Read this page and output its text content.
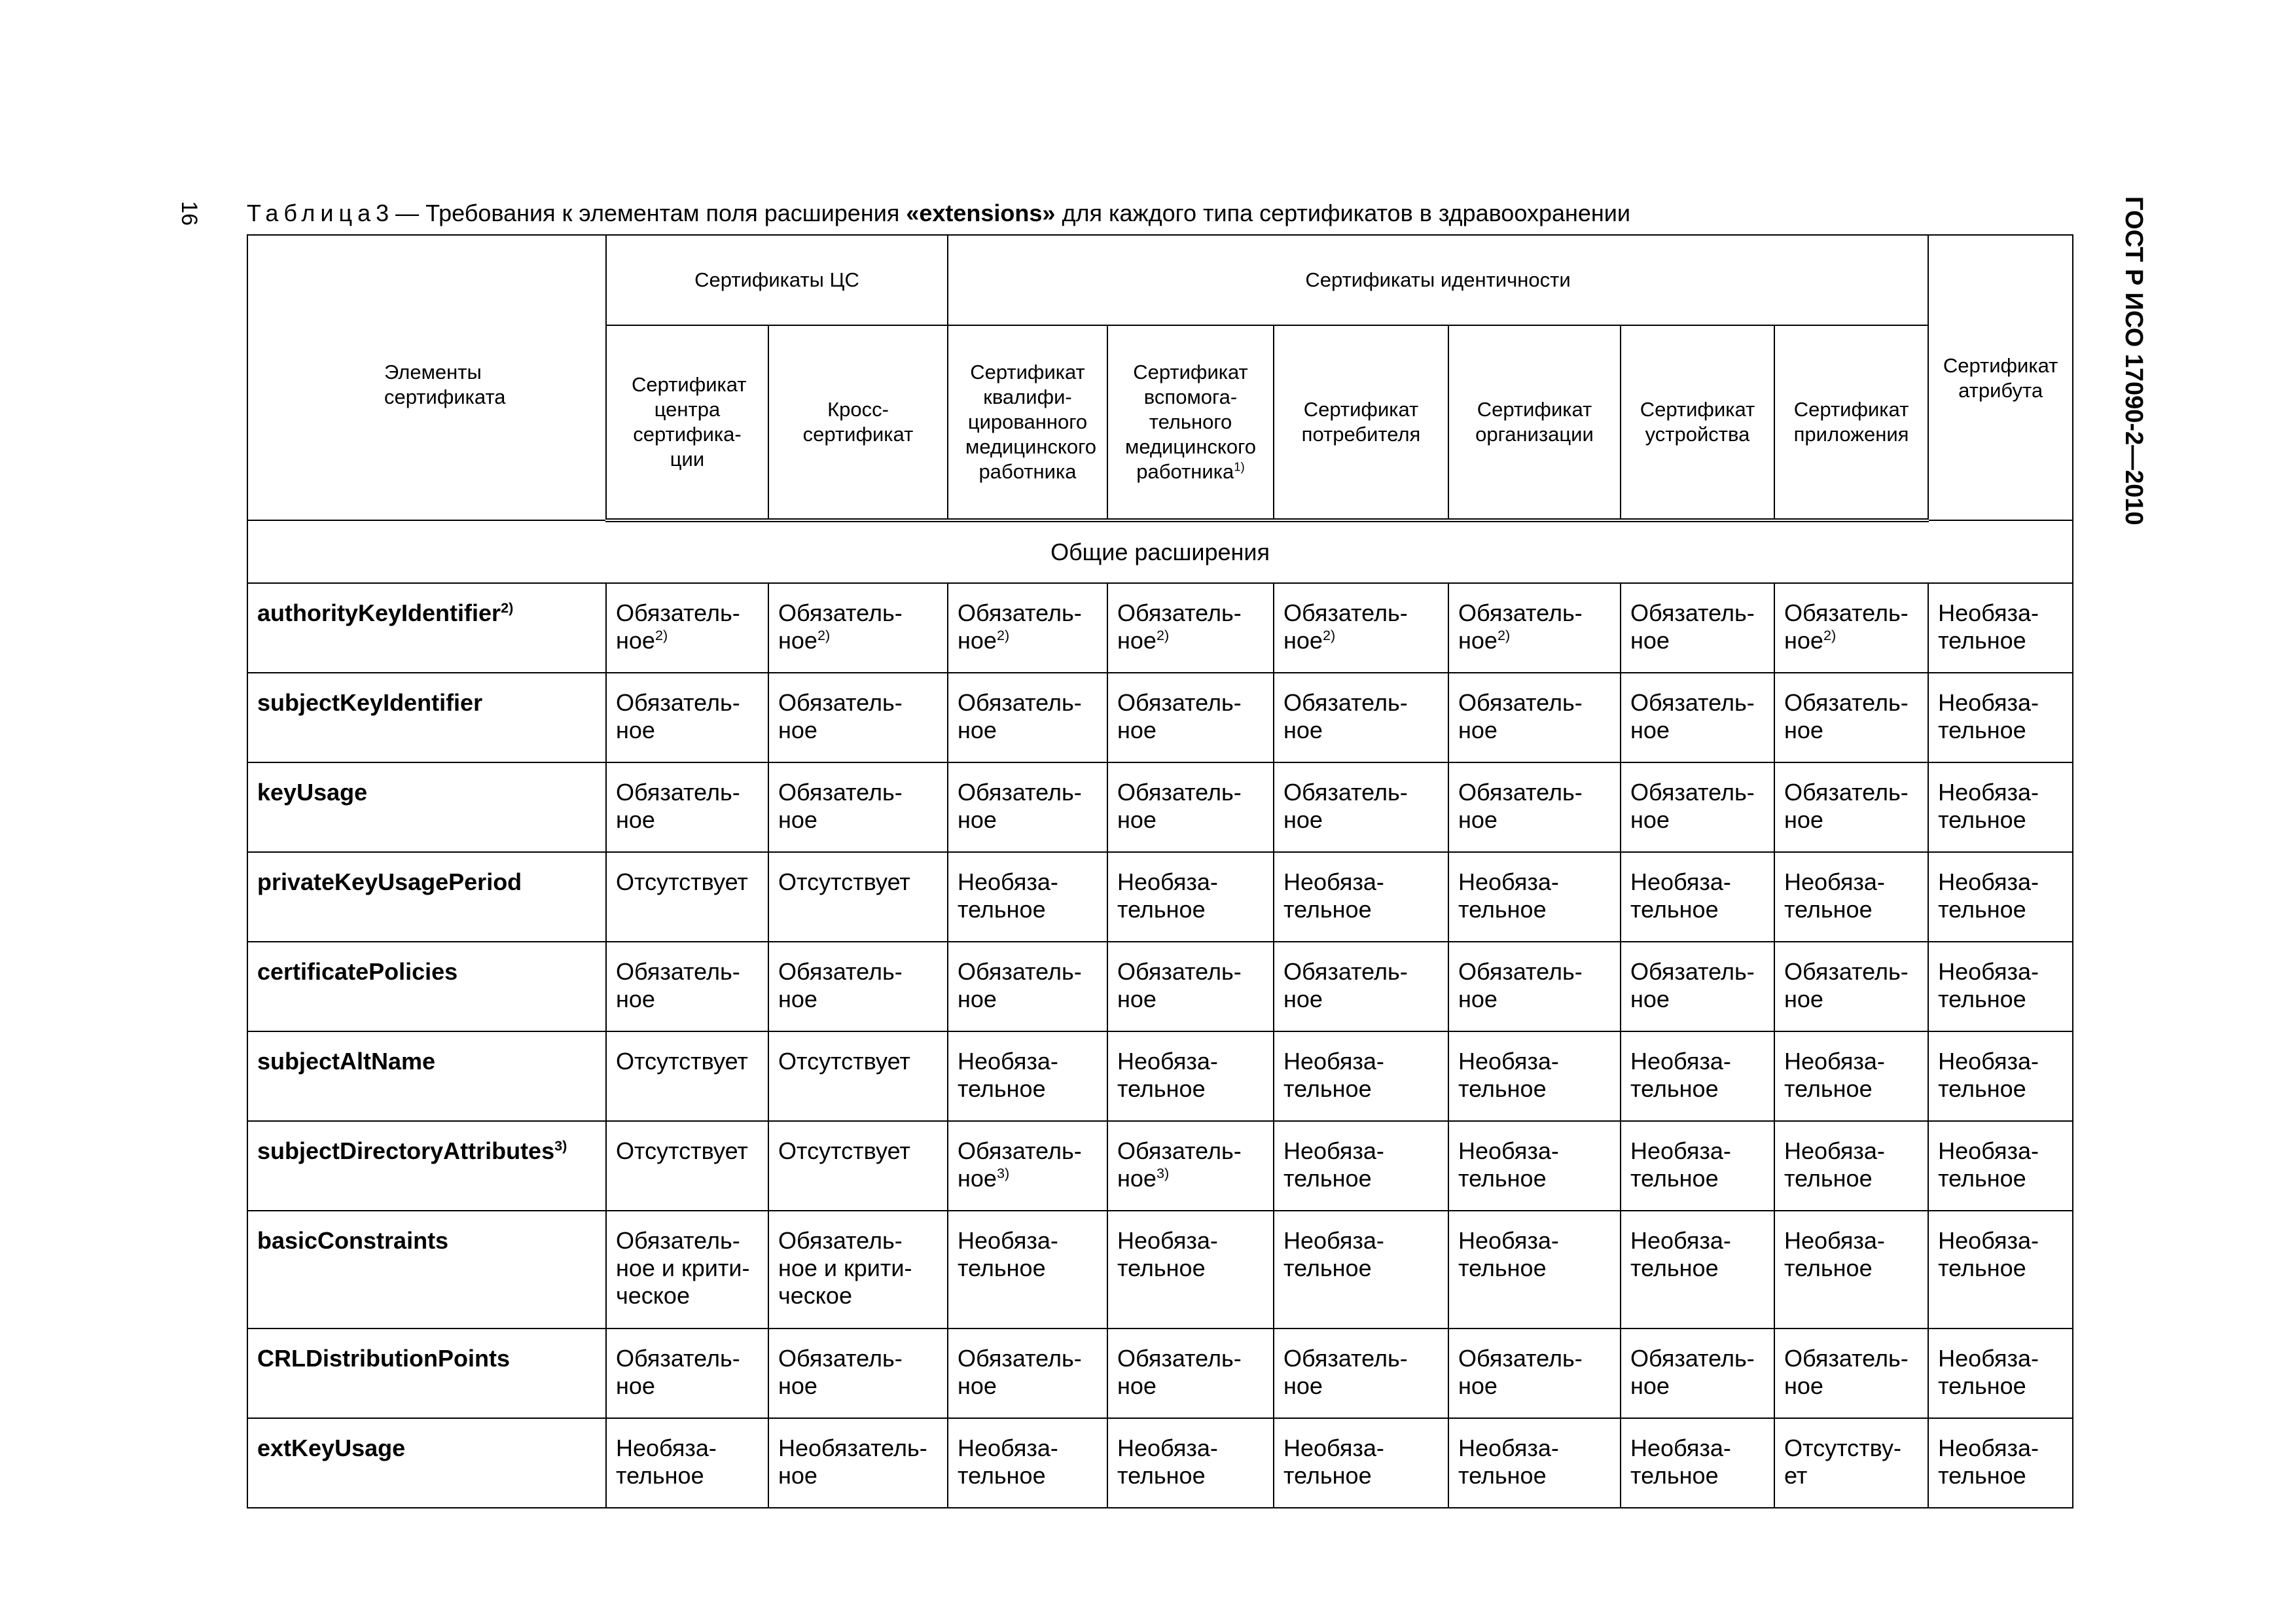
16	ГОСТ Р ИСО 17090-2—2010
Таблица3 — Требования к элементам поля расширения «extensions» для каждого типа сертификатов в здравоохранении
Элементы сертификата	Сертификаты ЦС		Сертификаты идентичности						Сертификат атрибута

	Сертификат центра сертифика-ции	Кросс-сертификат	Сертификат квалифи-цированного медицинского работника	Сертификат вспомога-тельного медицинского работника$^{1)}$	Сертификат потребителя	Сертификат организации	Сертификат устройства	Сертификат приложения	

Общие расширения									
authorityKeyIdentifier$^{2)}$	Обязатель-ное$^{2)}$	Обязатель-ное$^{2)}$	Обязатель-ное$^{2)}$	Обязатель-ное$^{2)}$	Обязатель-ное$^{2)}$	Обязатель-ное$^{2)}$	Обязатель-ное	Обязатель-ное$^{2)}$	Необяза-тельное
subjectKeyIdentifier	Обязатель-ное	Обязатель-ное	Обязатель-ное	Обязатель-ное	Обязатель-ное	Обязатель-ное	Обязатель-ное	Обязатель-ное	Необяза-тельное
keyUsage	Обязатель-ное	Обязатель-ное	Обязатель-ное	Обязатель-ное	Обязатель-ное	Обязатель-ное	Обязатель-ное	Обязатель-ное	Необяза-тельное
privateKeyUsagePeriod	Отсутствует	Отсутствует	Необяза-тельное	Необяза-тельное	Необяза-тельное	Необяза-тельное	Необяза-тельное	Необяза-тельное	Необяза-тельное
certificatePolicies	Обязатель-ное	Обязатель-ное	Обязатель-ное	Обязатель-ное	Обязатель-ное	Обязатель-ное	Обязатель-ное	Обязатель-ное	Необяза-тельное
subjectAltName	Отсутствует	Отсутствует	Необяза-тельное	Необяза-тельное	Необяза-тельное	Необяза-тельное	Необяза-тельное	Необяза-тельное	Необяза-тельное
subjectDirectoryAttributes$^{3)}$	Отсутствует	Отсутствует	Обязатель-ное$^{3)}$	Обязатель-ное$^{3)}$	Необяза-тельное	Необяза-тельное	Необяза-тельное	Необяза-тельное	Необяза-тельное
basicConstraints	Обязатель-ное и крити-ческое	Обязатель-ное и крити-ческое	Необяза-тельное	Необяза-тельное	Необяза-тельное	Необяза-тельное	Необяза-тельное	Необяза-тельное	Необяза-тельное
CRLDistributionPoints	Обязатель-ное	Обязатель-ное	Обязатель-ное	Обязатель-ное	Обязатель-ное	Обязатель-ное	Обязатель-ное	Обязатель-ное	Необяза-тельное
extKeyUsage	Необяза-тельное	Необязатель-ное	Необяза-тельное	Необяза-тельное	Необяза-тельное	Необяза-тельное	Необяза-тельное	Отсутству-ет	Необяза-тельное
